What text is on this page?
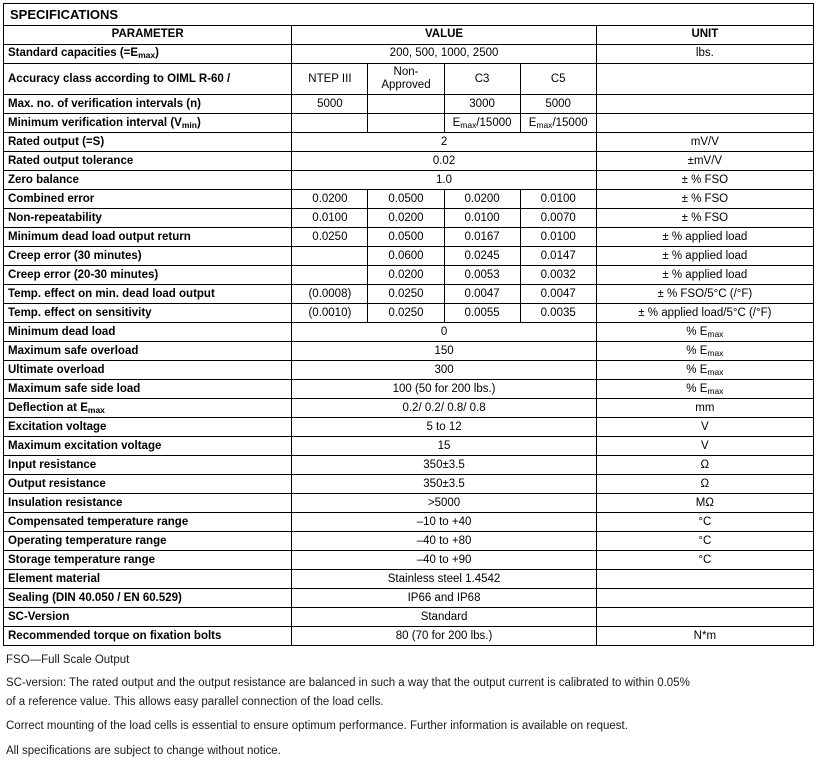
SPECIFICATIONS
PARAMETER	VALUE				UNIT
Standard capacities $(=E_{max})$	200, 500, 1000, 2500				lbs.
Accuracy class according to OIML R-60 /	NTEP III	Non-Approved	C3	C5	
Max. no. of verification intervals (n)	5000		3000	5000	
Minimum verification interval $(V_{min})$			$E_{max}/15000$	$E_{max}/15000$	
Rated output (=S)	2				mV/V
Rated output tolerance	0.02				±mV/V
Zero balance	1.0				± % FSO
Combined error	0.0200	0.0500	0.0200	0.0100	± % FSO
Non-repeatability	0.0100	0.0200	0.0100	0.0070	± % FSO
Minimum dead load output return	0.0250	0.0500	0.0167	0.0100	± % applied load
Creep error (30 minutes)		0.0600	0.0245	0.0147	± % applied load
Creep error (20-30 minutes)		0.0200	0.0053	0.0032	± % applied load
Temp. effect on min. dead load output	(0.0008)	0.0250	0.0047	0.0047	± % FSO/5°C (/°F)
Temp. effect on sensitivity	(0.0010)	0.0250	0.0055	0.0035	± % applied load/5°C (/°F)
Minimum dead load	0				% $E_{max}$
Maximum safe overload	150				% $E_{max}$
Ultimate overload	300				% $E_{max}$
Maximum safe side load	100 (50 for 200 lbs.)				% $E_{max}$
Deflection at $E_{max}$	0.2/ 0.2/ 0.8/ 0.8				mm
Excitation voltage	5 to 12				V
Maximum excitation voltage	15				V
Input resistance	350±3.5				Ω
Output resistance	350±3.5				Ω
Insulation resistance	>5000				MΩ
Compensated temperature range	–10 to +40				°C
Operating temperature range	–40 to +80				°C
Storage temperature range	–40 to +90				°C
Element material	Stainless steel 1.4542				
Sealing (DIN 40.050 / EN 60.529)	IP66 and IP68				
SC-Version	Standard				
Recommended torque on fixation bolts	80 (70 for 200 lbs.)				N*m
FSO—Full Scale Output
SC-version: The rated output and the output resistance are balanced in such a way that the output current is calibrated to within 0.05%
of a reference value. This allows easy parallel connection of the load cells.
Correct mounting of the load cells is essential to ensure optimum performance. Further information is available on request.
All specifications are subject to change without notice.
